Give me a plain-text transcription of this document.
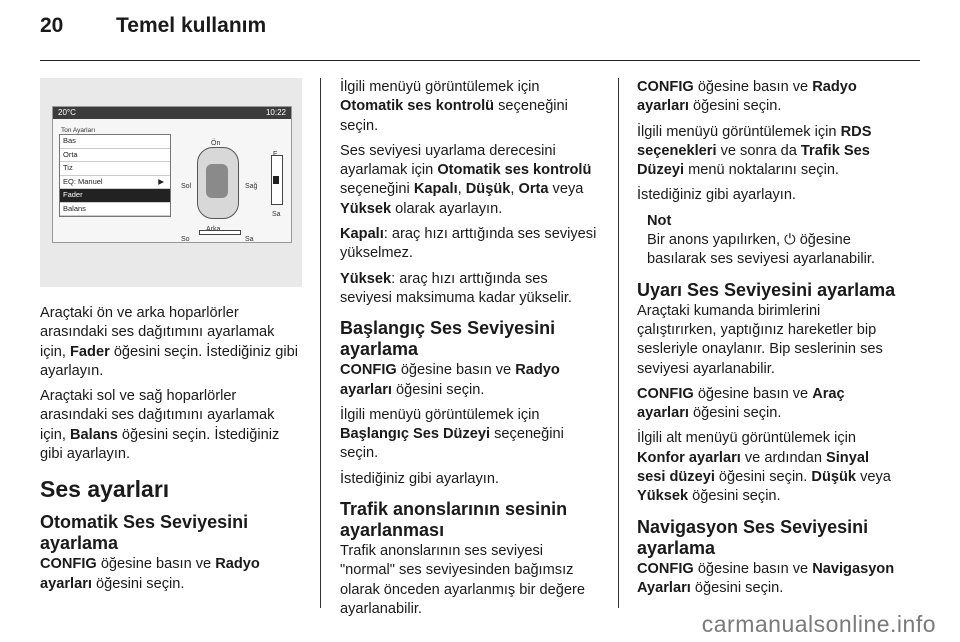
20	Temel kullanım
20°C	10:22
Ton Ayarları
Bas
Orta
Tiz
EQ: Manuel	▶
Fader
Balans
Ön
Sol	Sağ
Sa
So	Sa

Araçtaki ön ve arka hoparlörler arasındaki ses dağıtımını ayarlamak için, Fader öğesini seçin. İstediğiniz gibi ayarlayın.

Araçtaki sol ve sağ hoparlörler arasındaki ses dağıtımını ayarlamak için, Balans öğesini seçin. İstediğiniz gibi ayarlayın.

Ses ayarları
Otomatik Ses Seviyesini ayarlama

CONFIG öğesine basın ve Radyo ayarları öğesini seçin.

İlgili menüyü görüntülemek için Otomatik ses kontrolü seçeneğini seçin.

Ses seviyesi uyarlama derecesini ayarlamak için Otomatik ses kontrolü seçeneğini Kapalı, Düşük, Orta veya Yüksek olarak ayarlayın.

Kapalı: araç hızı arttığında ses seviyesi yükselmez.

Yüksek: araç hızı arttığında ses seviyesi maksimuma kadar yükselir.

Başlangıç Ses Seviyesini ayarlama

CONFIG öğesine basın ve Radyo ayarları öğesini seçin.

İlgili menüyü görüntülemek için Başlangıç Ses Düzeyi seçeneğini seçin.

İstediğiniz gibi ayarlayın.

Trafik anonslarının sesinin ayarlanması

Trafik anonslarının ses seviyesi "normal" ses seviyesinden bağımsız olarak önceden ayarlanmış bir değere ayarlanabilir.

CONFIG öğesine basın ve Radyo ayarları öğesini seçin.

İlgili menüyü görüntülemek için RDS seçenekleri ve sonra da Trafik Ses Düzeyi menü noktalarını seçin.

İstediğiniz gibi ayarlayın.

Not

Bir anons yapılırken, ⏻ öğesine basılarak ses seviyesi ayarlanabilir.

Uyarı Ses Seviyesini ayarlama

Araçtaki kumanda birimlerini çalıştırırken, yaptığınız hareketler bip sesleriyle onaylanır. Bip seslerinin ses seviyesi ayarlanabilir.

CONFIG öğesine basın ve Araç ayarları öğesini seçin.

İlgili alt menüyü görüntülemek için Konfor ayarları ve ardından Sinyal sesi düzeyi öğesini seçin. Düşük veya Yüksek öğesini seçin.

Navigasyon Ses Seviyesini ayarlama

CONFIG öğesine basın ve Navigasyon Ayarları öğesini seçin.

carmanualsonline.info
